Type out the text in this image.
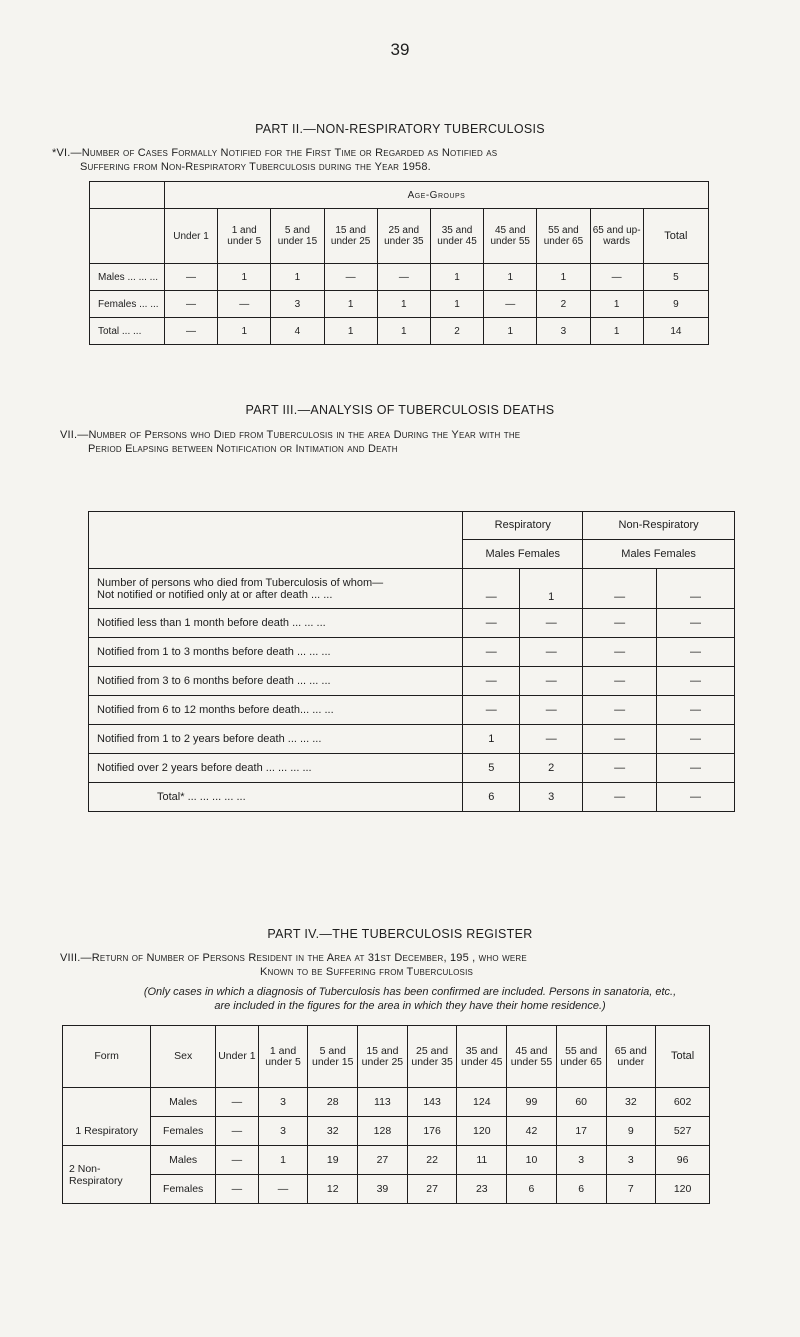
39
PART II.—NON-RESPIRATORY TUBERCULOSIS
*VI.—Number of Cases Formally Notified for the First Time or Regarded as Notified as
Suffering from Non-Respiratory Tuberculosis during the Year 1958.
	Age-Groups									
	Under 1	1 and under 5	5 and under 15	15 and under 25	25 and under 35	35 and under 45	45 and under 55	55 and under 65	65 and up-wards	Total
Males ... ... ...	—	1	1	—	—	1	1	1	—	5
Females ... ...	—	—	3	1	1	1	—	2	1	9
Total ... ...	—	1	4	1	1	2	1	3	1	14
PART III.—ANALYSIS OF TUBERCULOSIS DEATHS
VII.—Number of Persons who Died from Tuberculosis in the area During the Year with the
Period Elapsing between Notification or Intimation and Death
	Respiratory		Non-Respiratory	
	Males Females		Males Females	

Number of persons who died from Tuberculosis of whom—
Not notified or notified only at or after death ... ...	—	1	—	—
Notified less than 1 month before death ... ... ...	—	—	—	—
Notified from 1 to 3 months before death ... ... ...	—	—	—	—
Notified from 3 to 6 months before death ... ... ...	—	—	—	—
Notified from 6 to 12 months before death... ... ...	—	—	—	—
Notified from 1 to 2 years before death ... ... ...	1	—	—	—
Notified over 2 years before death ... ... ... ...	5	2	—	—
Total* ... ... ... ... ...	6	3	—	—
PART IV.—THE TUBERCULOSIS REGISTER
VIII.—Return of Number of Persons Resident in the Area at 31st December, 195 , who were
Known to be Suffering from Tuberculosis
(Only cases in which a diagnosis of Tuberculosis has been confirmed are included. Persons in sanatoria, etc.,
are included in the figures for the area in which they have their home residence.)
Form	Sex	Under 1	1 and under 5	5 and under 15	15 and under 25	25 and under 35	35 and under 45	45 and under 55	55 and under 65	65 and under	Total
1 Respiratory	Males	—	3	28	113	143	124	99	60	32	602
	Females	—	3	32	128	176	120	42	17	9	527
2 Non-Respiratory	Males	—	1	19	27	22	11	10	3	3	96
	Females	—	—	12	39	27	23	6	6	7	120
